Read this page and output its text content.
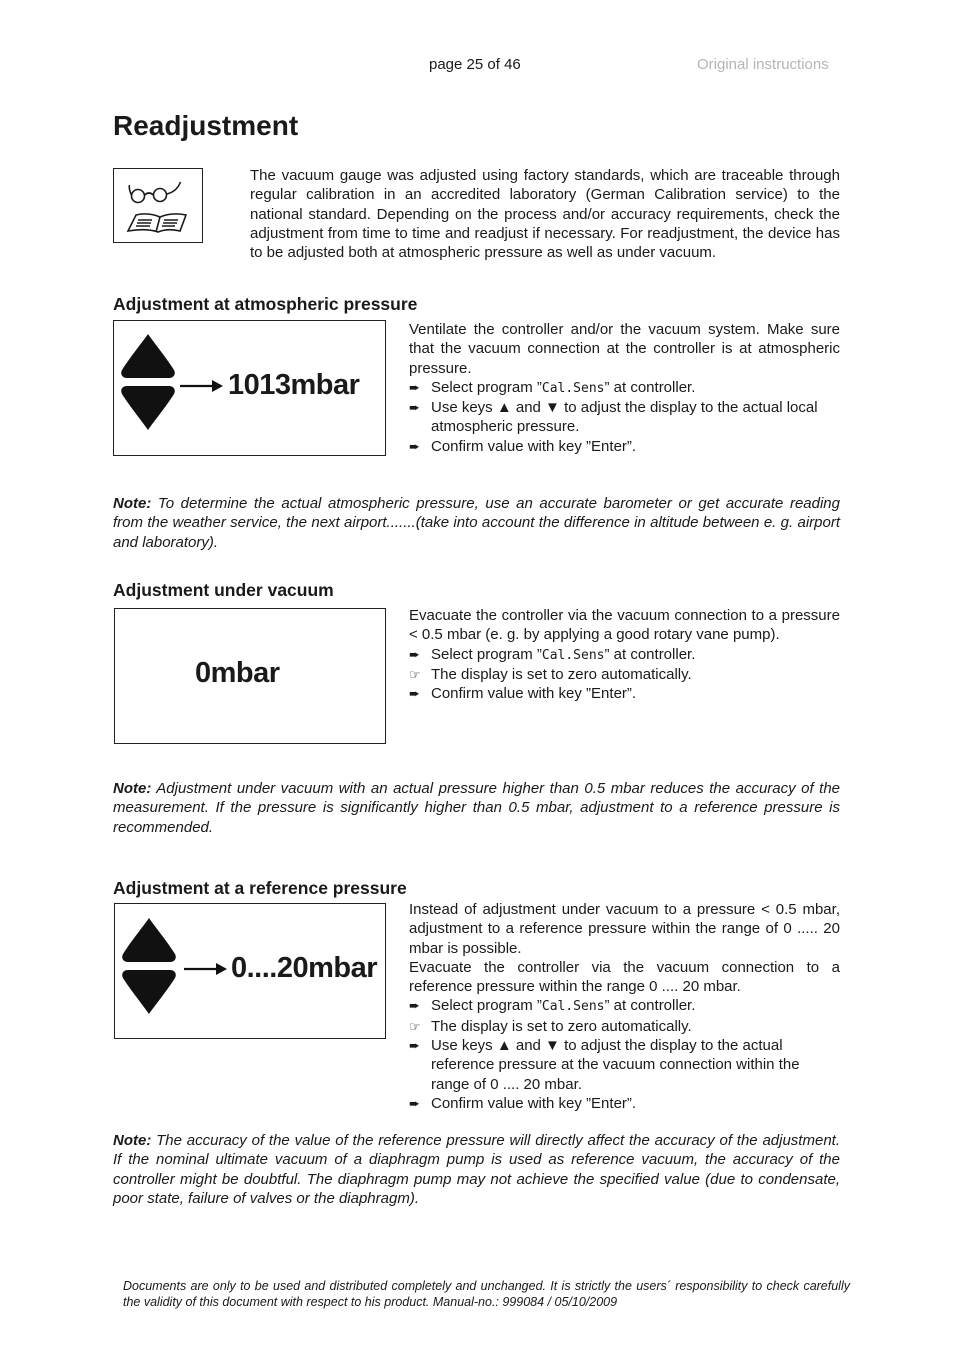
page 25 of 46	Original instructions
Readjustment

The vacuum gauge was adjusted using factory standards, which are traceable through regular calibration in an accredited laboratory (German Calibration service) to the national standard. Depending on the process and/or accuracy requirements, check the adjustment from time to time and readjust if necessary. For readjustment, the device has to be adjusted both at atmospheric pressure as well as under vacuum.

Adjustment at atmospheric pressure
1013mbar

Ventilate the controller and/or the vacuum system. Make sure that the vacuum connection at the controller is at atmospheric pressure.

➨ Select program ”Cal.Sens” at controller.
➨ Use keys ▲ and ▼ to adjust the display to the actual local atmospheric pressure.
➨ Confirm value with key ”Enter”.

Note: To determine the actual atmospheric pressure, use an accurate barometer or get accurate reading from the weather service, the next airport.......(take into account the difference in altitude between e. g. airport and laboratory).

Adjustment under vacuum
0mbar

Evacuate the controller via the vacuum connection to a pressure < 0.5 mbar (e. g. by applying a good rotary vane pump).

➨ Select program ”Cal.Sens” at controller.
☞ The display is set to zero automatically.
➨ Confirm value with key ”Enter”.

Note: Adjustment under vacuum with an actual pressure higher than 0.5 mbar reduces the accuracy of the measurement. If the pressure is significantly higher than 0.5 mbar, adjustment to a reference pressure is recommended.

Adjustment at a reference pressure
0....20mbar

Instead of adjustment under vacuum to a pressure < 0.5 mbar, adjustment to a reference pressure within the range of 0 ..... 20 mbar is possible.

Evacuate the controller via the vacuum connection to a reference pressure within the range 0 .... 20 mbar.

➨ Select program ”Cal.Sens” at controller.
☞ The display is set to zero automatically.
➨ Use keys ▲ and ▼ to adjust the display to the actual reference pressure at the vacuum connection within the range of 0 .... 20 mbar.
➨ Confirm value with key ”Enter”.

Note: The accuracy of the value of the reference pressure will directly affect the accuracy of the adjustment. If the nominal ultimate vacuum of a diaphragm pump is used as reference vacuum, the accuracy of the controller might be doubtful. The diaphragm pump may not achieve the specified value (due to condensate, poor state, failure of valves or the diaphragm).

Documents are only to be used and distributed completely and unchanged. It is strictly the users´ responsibility to check carefully the validity of this document with respect to his product. Manual-no.: 999084 / 05/10/2009
